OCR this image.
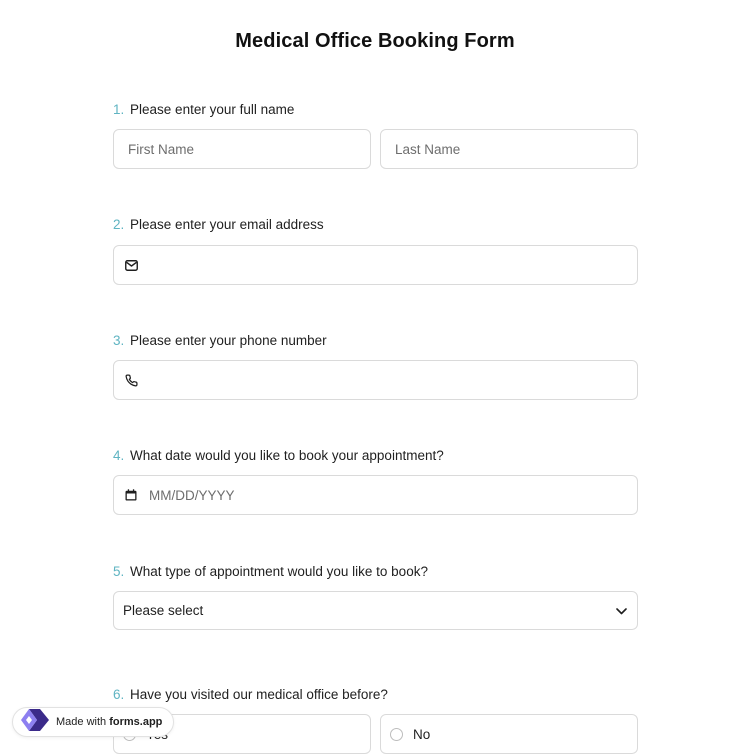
Medical Office Booking Form
1. Please enter your full name
First Name
Last Name
2. Please enter your email address
3. Please enter your phone number
4. What date would you like to book your appointment?
MM/DD/YYYY
5. What type of appointment would you like to book?
Please select
6. Have you visited our medical office before?
No
Made with forms.app
